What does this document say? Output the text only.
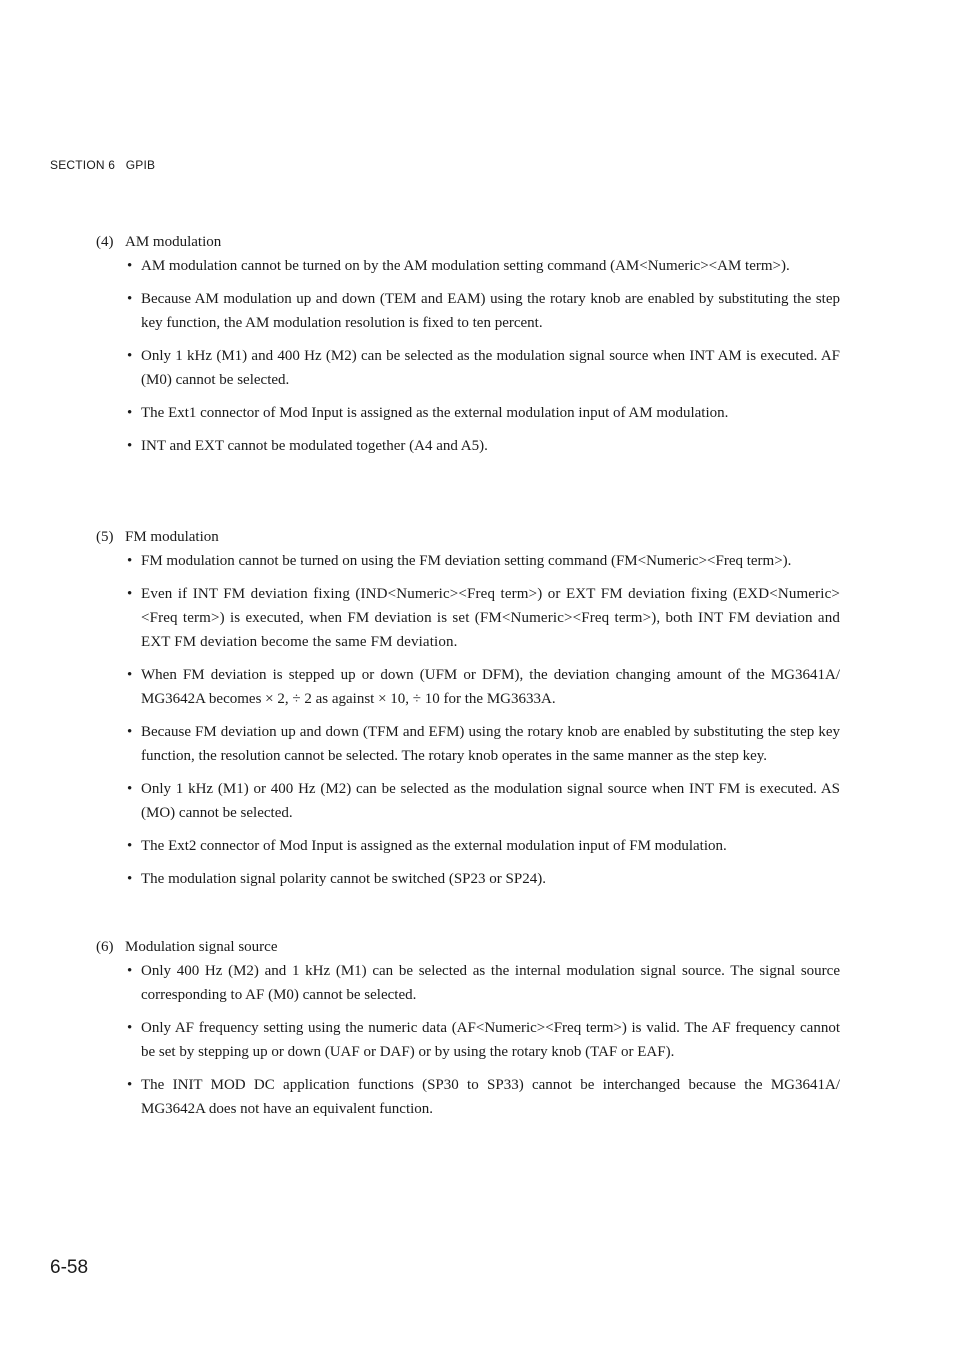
SECTION 6   GPIB
(4) AM modulation
• AM modulation cannot be turned on by the AM modulation setting command (AM<Numeric><AM term>).
• Because AM modulation up and down (TEM and EAM) using the rotary knob are enabled by substituting the step key function, the AM modulation resolution is fixed to ten percent.
• Only 1 kHz (M1) and 400 Hz (M2) can be selected as the modulation signal source when INT AM is executed. AF (M0) cannot be selected.
• The Ext1 connector of Mod Input is assigned as the external modulation input of AM modulation.
• INT and EXT cannot be modulated together (A4 and A5).
(5) FM modulation
• FM modulation cannot be turned on using the FM deviation setting command (FM<Numeric><Freq term>).
• Even if INT FM deviation fixing (IND<Numeric><Freq term>) or EXT FM deviation fixing (EXD<Numeric><Freq term>) is executed, when FM deviation is set (FM<Numeric><Freq term>), both INT FM deviation and EXT FM deviation become the same FM deviation.
• When FM deviation is stepped up or down (UFM or DFM), the deviation changing amount of the MG3641A/ MG3642A becomes × 2, ÷ 2 as against × 10, ÷ 10 for the MG3633A.
• Because FM deviation up and down (TFM and EFM) using the rotary knob are enabled by substituting the step key function, the resolution cannot be selected. The rotary knob operates in the same manner as the step key.
• Only 1 kHz (M1) or 400 Hz (M2) can be selected as the modulation signal source when INT FM is executed. AS (MO) cannot be selected.
• The Ext2 connector of Mod Input is assigned as the external modulation input of FM modulation.
• The modulation signal polarity cannot be switched (SP23 or SP24).
(6) Modulation signal source
• Only 400 Hz (M2) and 1 kHz (M1) can be selected as the internal modulation signal source. The signal source corresponding to AF (M0) cannot be selected.
• Only AF frequency setting using the numeric data (AF<Numeric><Freq term>) is valid. The AF frequency cannot be set by stepping up or down (UAF or DAF) or by using the rotary knob (TAF or EAF).
• The INIT MOD DC application functions (SP30 to SP33) cannot be interchanged because the MG3641A/ MG3642A does not have an equivalent function.
6-58
